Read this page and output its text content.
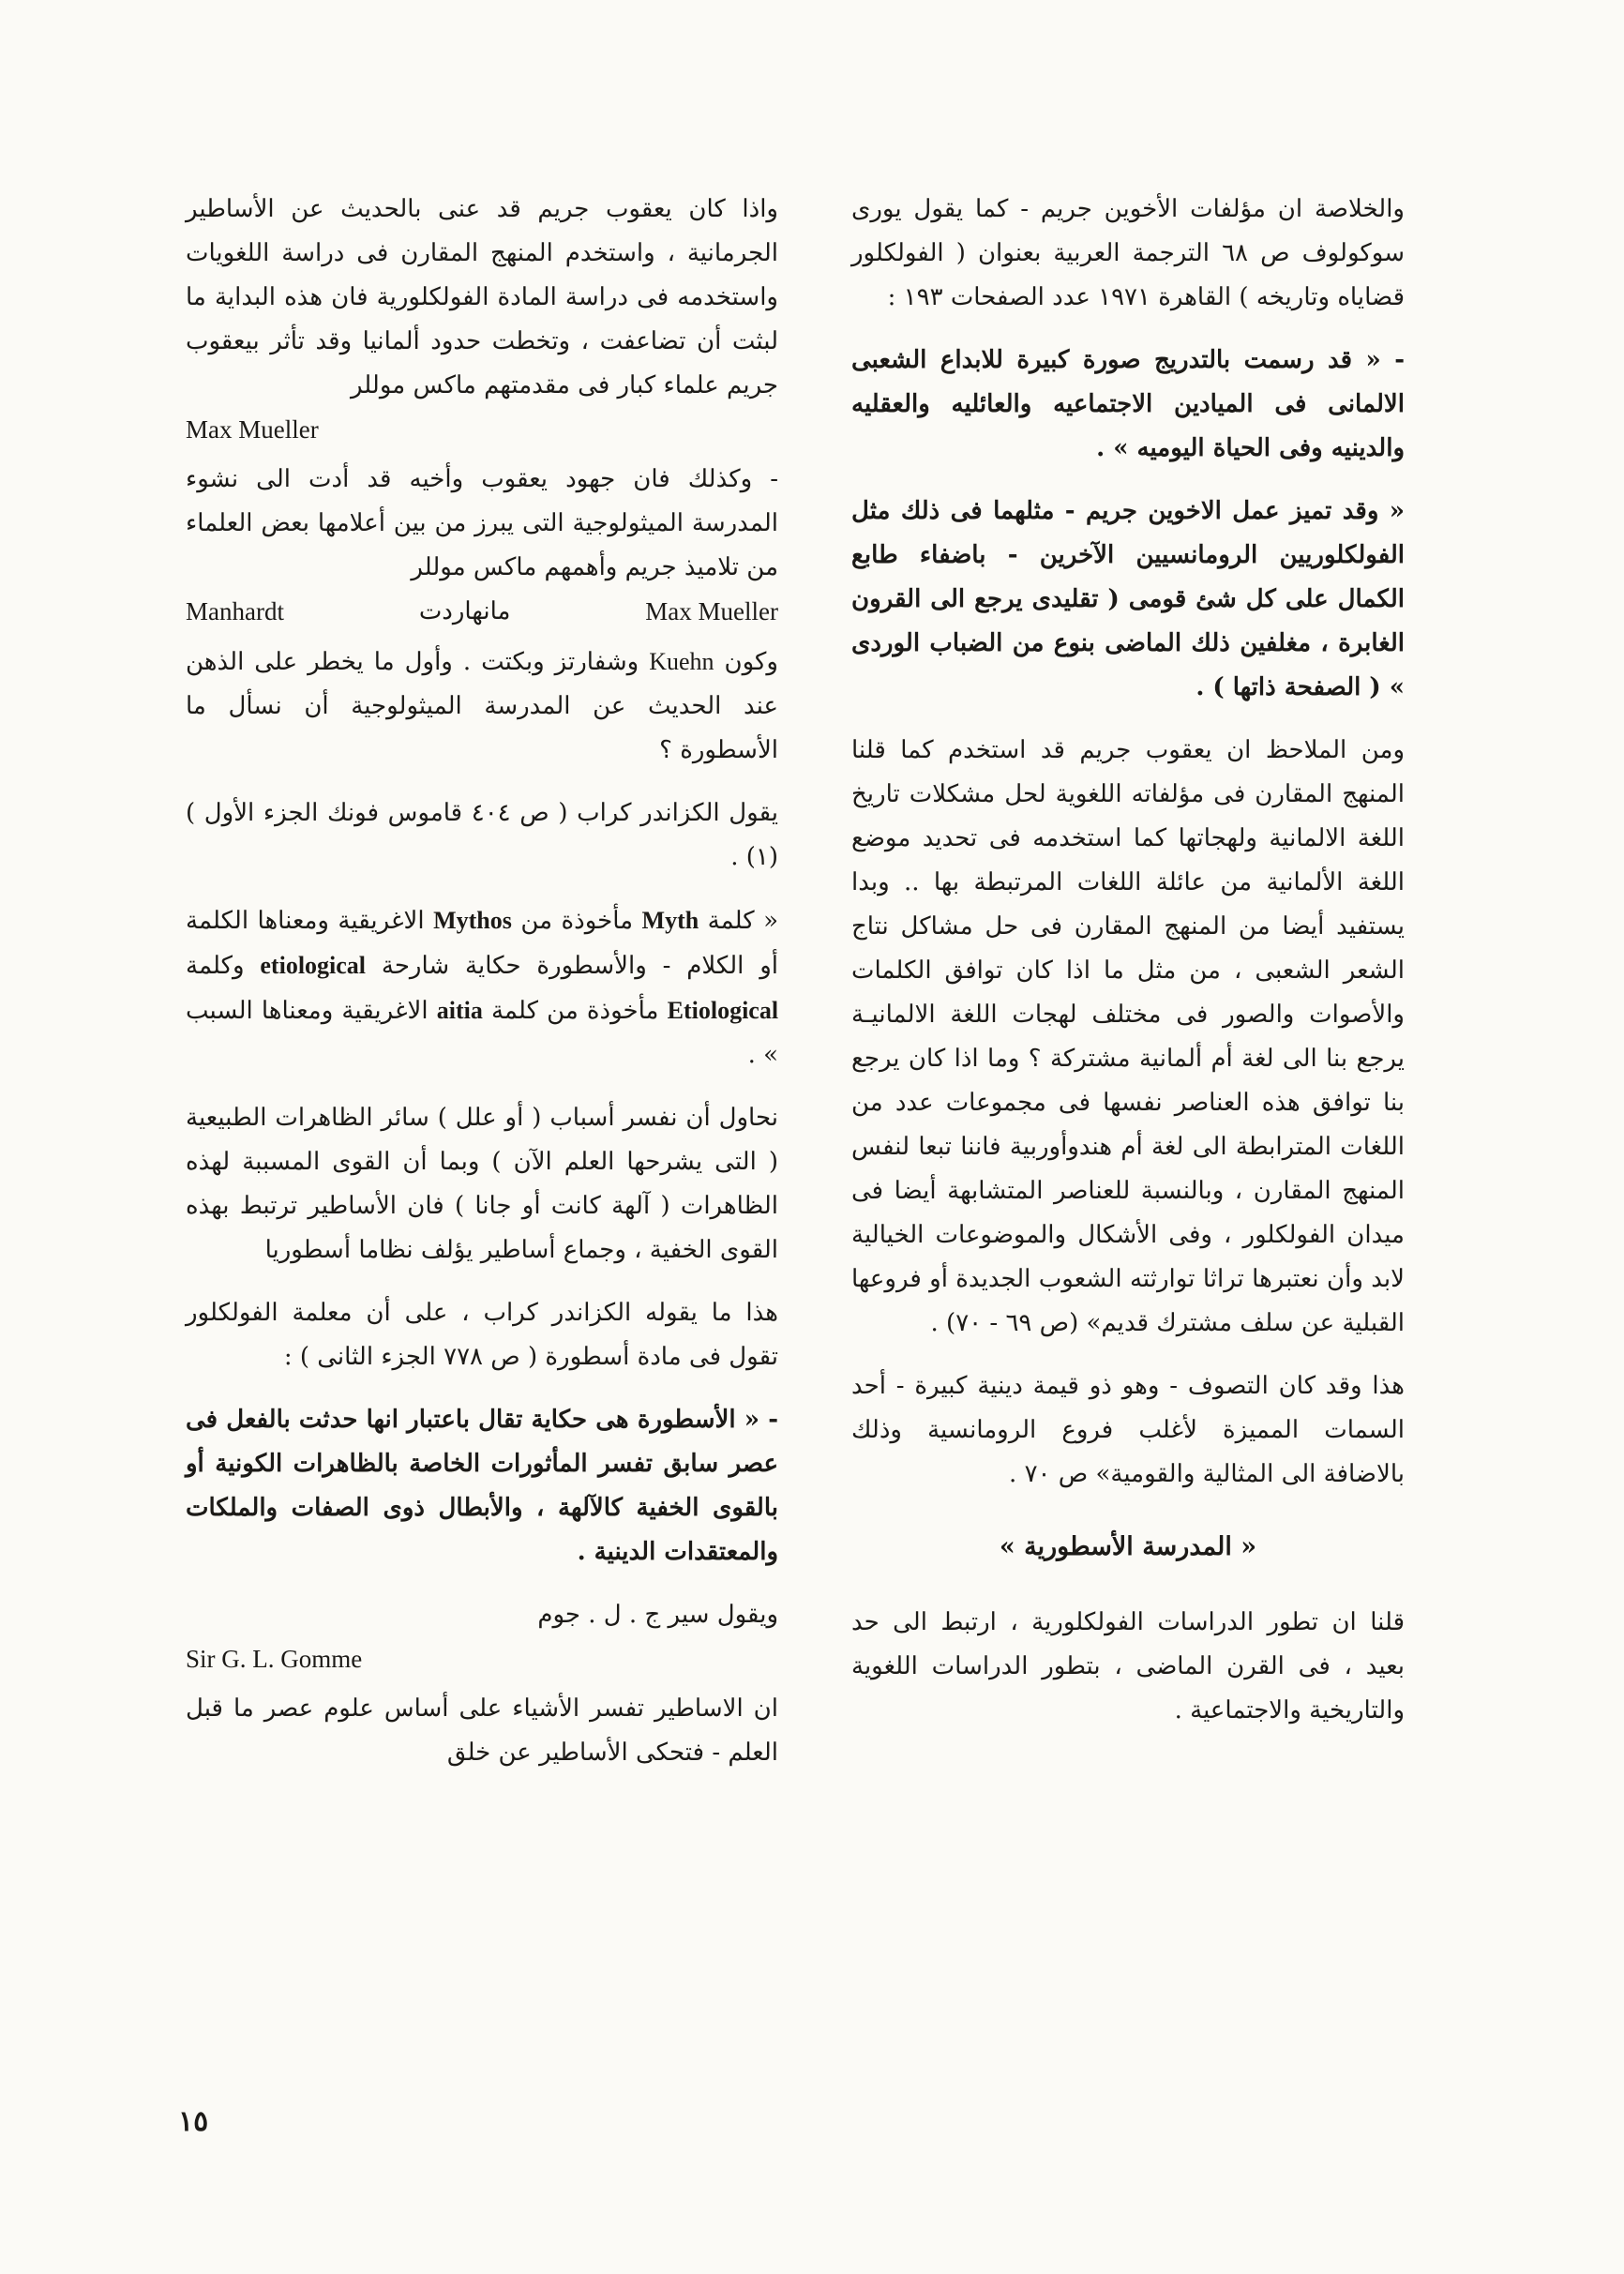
والخلاصة ان مؤلفات الأخوين جريم - كما يقول يورى سوكولوف ص ٦٨ الترجمة العربية بعنوان ( الفولكلور قضاياه وتاريخه ) القاهرة ١٩٧١ عدد الصفحات ١٩٣ :

- « قد رسمت بالتدريج صورة كبيرة للابداع الشعبى الالمانى فى الميادين الاجتماعيه والعائليه والعقليه والدينيه وفى الحياة اليوميه » .

« وقد تميز عمل الاخوين جريم - مثلهما فى ذلك مثل الفولكلوريين الرومانسيين الآخرين - باضفاء طابع الكمال على كل شئ قومى ( تقليدى يرجع الى القرون الغابرة ، مغلفين ذلك الماضى بنوع من الضباب الوردى » ( الصفحة ذاتها ) .

ومن الملاحظ ان يعقوب جريم قد استخدم كما قلنا المنهج المقارن فى مؤلفاته اللغوية لحل مشكلات تاريخ اللغة الالمانية ولهجاتها كما استخدمه فى تحديد موضع اللغة الألمانية من عائلة اللغات المرتبطة بها .. وبدا يستفيد أيضا من المنهج المقارن فى حل مشاكل نتاج الشعر الشعبى ، من مثل ما اذا كان توافق الكلمات والأصوات والصور فى مختلف لهجات اللغة الالمانيـة يرجع بنا الى لغة أم ألمانية مشتركة ؟ وما اذا كان يرجع بنا توافق هذه العناصر نفسها فى مجموعات عدد من اللغات المترابطة الى لغة أم هندوأوربية فاننا تبعا لنفس المنهج المقارن ، وبالنسبة للعناصر المتشابهة أيضا فى ميدان الفولكلور ، وفى الأشكال والموضوعات الخيالية لابد وأن نعتبرها تراثا توارثته الشعوب الجديدة أو فروعها القبلية عن سلف مشترك قديم» (ص ٦٩ - ٧٠) .

هذا وقد كان التصوف - وهو ذو قيمة دينية كبيرة - أحد السمات المميزة لأغلب فروع الرومانسية وذلك بالاضافة الى المثالية والقومية» ص ٧٠ .

« المدرسة الأسطورية »

قلنا ان تطور الدراسات الفولكلورية ، ارتبط الى حد بعيد ، فى القرن الماضى ، بتطور الدراسات اللغوية والتاريخية والاجتماعية .

واذا كان يعقوب جريم قد عنى بالحديث عن الأساطير الجرمانية ، واستخدم المنهج المقارن فى دراسة اللغويات واستخدمه فى دراسة المادة الفولكلورية فان هذه البداية ما لبثت أن تضاعفت ، وتخطت حدود ألمانيا وقد تأثر بيعقوب جريم علماء كبار فى مقدمتهم ماكس موللر

Max Mueller

- وكذلك فان جهود يعقوب وأخيه قد أدت الى نشوء المدرسة الميثولوجية التى يبرز من بين أعلامها بعض العلماء من تلاميذ جريم وأهمهم ماكس موللر

Manhardt	مانهاردت	Max Mueller

وكون Kuehn وشفارتز وبكتت . وأول ما يخطر على الذهن عند الحديث عن المدرسة الميثولوجية أن نسأل ما الأسطورة ؟

يقول الكزاندر كراب ( ص ٤٠٤ قاموس فونك الجزء الأول ) (١) .

« كلمة Myth مأخوذة من Mythos الاغريقية ومعناها الكلمة أو الكلام - والأسطورة حكاية شارحة etiological وكلمة Etiological مأخوذة من كلمة aitia الاغريقية ومعناها السبب » .

نحاول أن نفسر أسباب ( أو علل ) سائر الظاهرات الطبيعية ( التى يشرحها العلم الآن ) وبما أن القوى المسببة لهذه الظاهرات ( آلهة كانت أو جانا ) فان الأساطير ترتبط بهذه القوى الخفية ، وجماع أساطير يؤلف نظاما أسطوريا

هذا ما يقوله الكزاندر كراب ، على أن معلمة الفولكلور تقول فى مادة أسطورة ( ص ٧٧٨ الجزء الثانى ) :

- « الأسطورة هى حكاية تقال باعتبار انها حدثت بالفعل فى عصر سابق تفسر المأثورات الخاصة بالظاهرات الكونية أو بالقوى الخفية كالآلهة ، والأبطال ذوى الصفات والملكات والمعتقدات الدينية .

ويقول سير ج . ل . جوم

Sir G. L. Gomme

ان الاساطير تفسر الأشياء على أساس علوم عصر ما قبل العلم - فتحكى الأساطير عن خلق

١٥
